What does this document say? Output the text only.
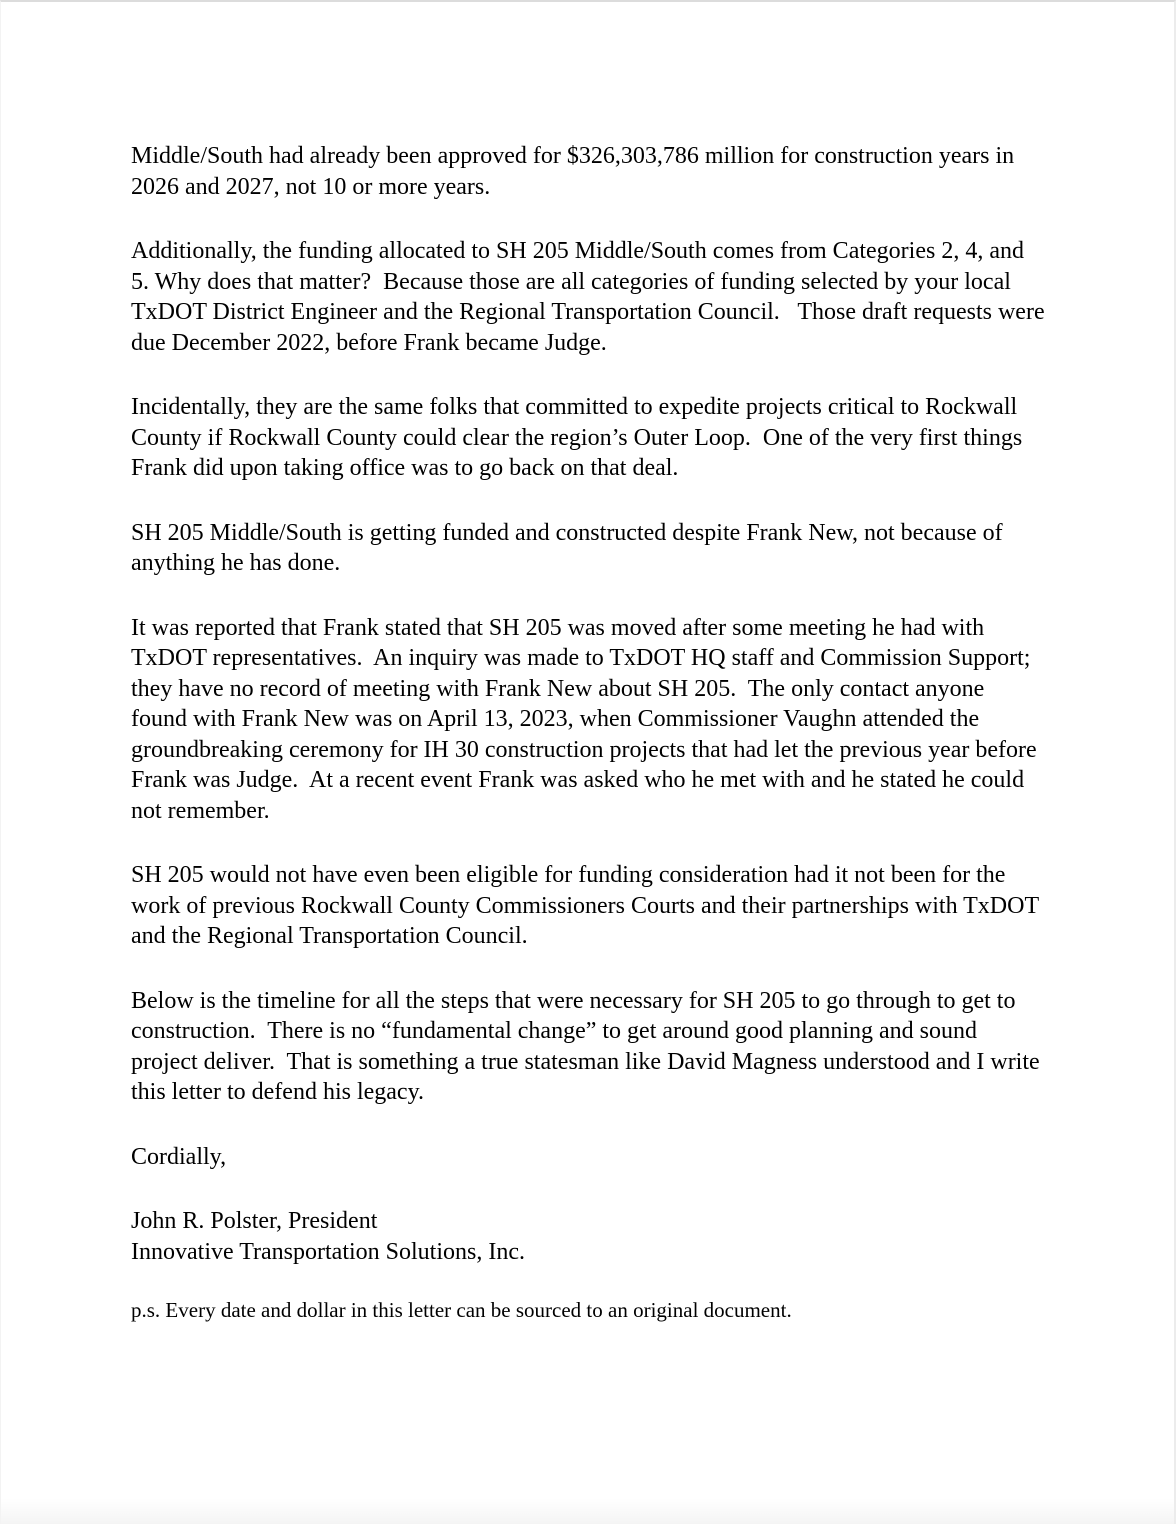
Middle/South had already been approved for $326,303,786 million for construction years in 2026 and 2027, not 10 or more years.

Additionally, the funding allocated to SH 205 Middle/South comes from Categories 2, 4, and 5. Why does that matter?  Because those are all categories of funding selected by your local TxDOT District Engineer and the Regional Transportation Council.   Those draft requests were due December 2022, before Frank became Judge.

Incidentally, they are the same folks that committed to expedite projects critical to Rockwall County if Rockwall County could clear the region’s Outer Loop.  One of the very first things Frank did upon taking office was to go back on that deal.

SH 205 Middle/South is getting funded and constructed despite Frank New, not because of anything he has done.

It was reported that Frank stated that SH 205 was moved after some meeting he had with TxDOT representatives.  An inquiry was made to TxDOT HQ staff and Commission Support; they have no record of meeting with Frank New about SH 205.  The only contact anyone found with Frank New was on April 13, 2023, when Commissioner Vaughn attended the groundbreaking ceremony for IH 30 construction projects that had let the previous year before Frank was Judge.  At a recent event Frank was asked who he met with and he stated he could not remember.

SH 205 would not have even been eligible for funding consideration had it not been for the work of previous Rockwall County Commissioners Courts and their partnerships with TxDOT and the Regional Transportation Council.

Below is the timeline for all the steps that were necessary for SH 205 to go through to get to construction.  There is no “fundamental change” to get around good planning and sound project deliver.  That is something a true statesman like David Magness understood and I write this letter to defend his legacy.

Cordially,

John R. Polster, President

Innovative Transportation Solutions, Inc.

p.s. Every date and dollar in this letter can be sourced to an original document.
